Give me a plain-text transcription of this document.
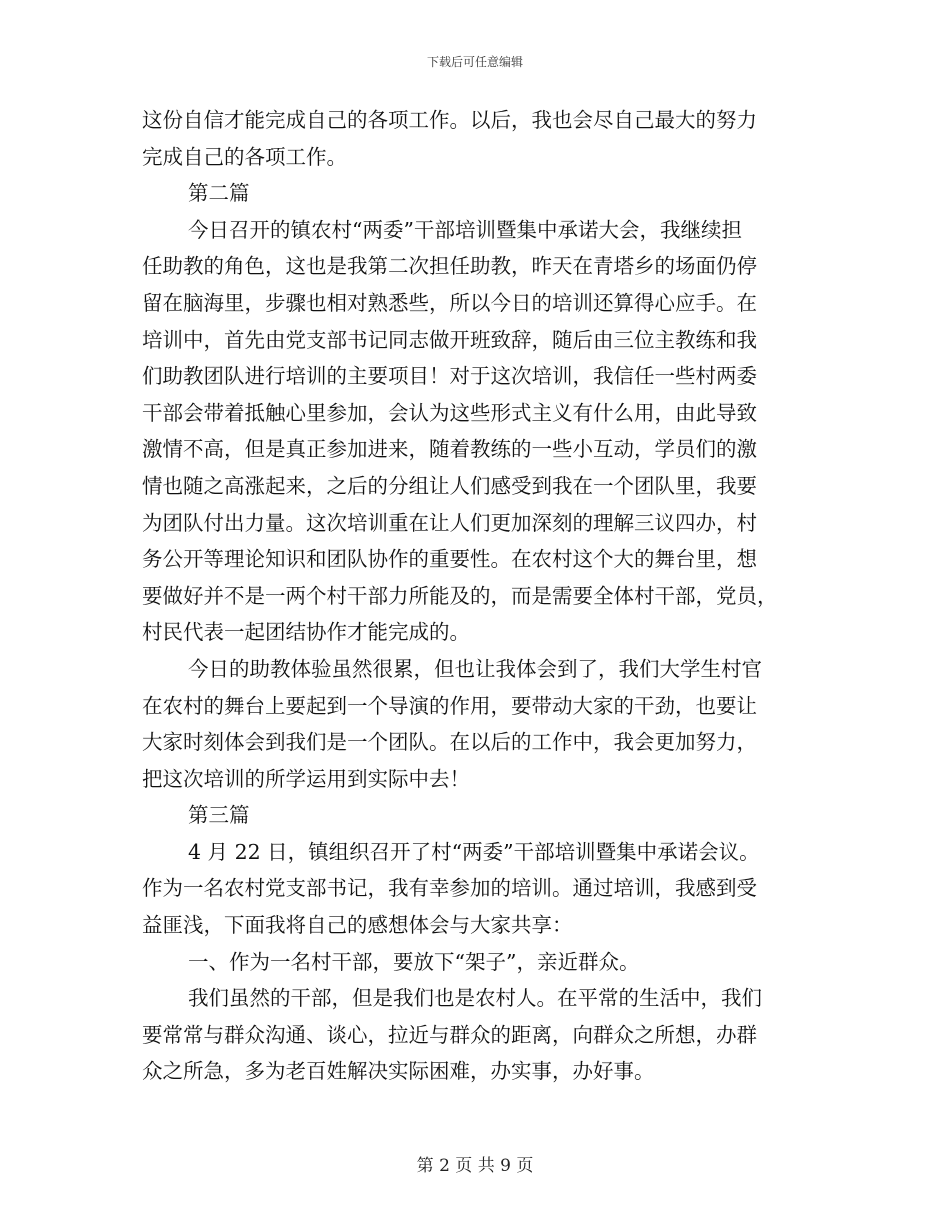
下载后可任意编辑
这份自信才能完成自己的各项工作。以后，我也会尽自己最大的努力
完成自己的各项工作。
第二篇
今日召开的镇农村“两委”干部培训暨集中承诺大会，我继续担
任助教的角色，这也是我第二次担任助教，昨天在青塔乡的场面仍停
留在脑海里，步骤也相对熟悉些，所以今日的培训还算得心应手。在
培训中，首先由党支部书记同志做开班致辞，随后由三位主教练和我
们助教团队进行培训的主要项目！对于这次培训，我信任一些村两委
干部会带着抵触心里参加，会认为这些形式主义有什么用，由此导致
激情不高，但是真正参加进来，随着教练的一些小互动，学员们的激
情也随之高涨起来，之后的分组让人们感受到我在一个团队里，我要
为团队付出力量。这次培训重在让人们更加深刻的理解三议四办，村
务公开等理论知识和团队协作的重要性。在农村这个大的舞台里，想
要做好并不是一两个村干部力所能及的，而是需要全体村干部，党员，
村民代表一起团结协作才能完成的。
今日的助教体验虽然很累，但也让我体会到了，我们大学生村官
在农村的舞台上要起到一个导演的作用，要带动大家的干劲，也要让
大家时刻体会到我们是一个团队。在以后的工作中，我会更加努力，
把这次培训的所学运用到实际中去！
第三篇
4 月 22 日，镇组织召开了村“两委”干部培训暨集中承诺会议。
作为一名农村党支部书记，我有幸参加的培训。通过培训，我感到受
益匪浅，下面我将自己的感想体会与大家共享：
一、作为一名村干部，要放下“架子”，亲近群众。
我们虽然的干部，但是我们也是农村人。在平常的生活中，我们
要常常与群众沟通、谈心，拉近与群众的距离，向群众之所想，办群
众之所急，多为老百姓解决实际困难，办实事，办好事。
第 2 页 共 9 页
